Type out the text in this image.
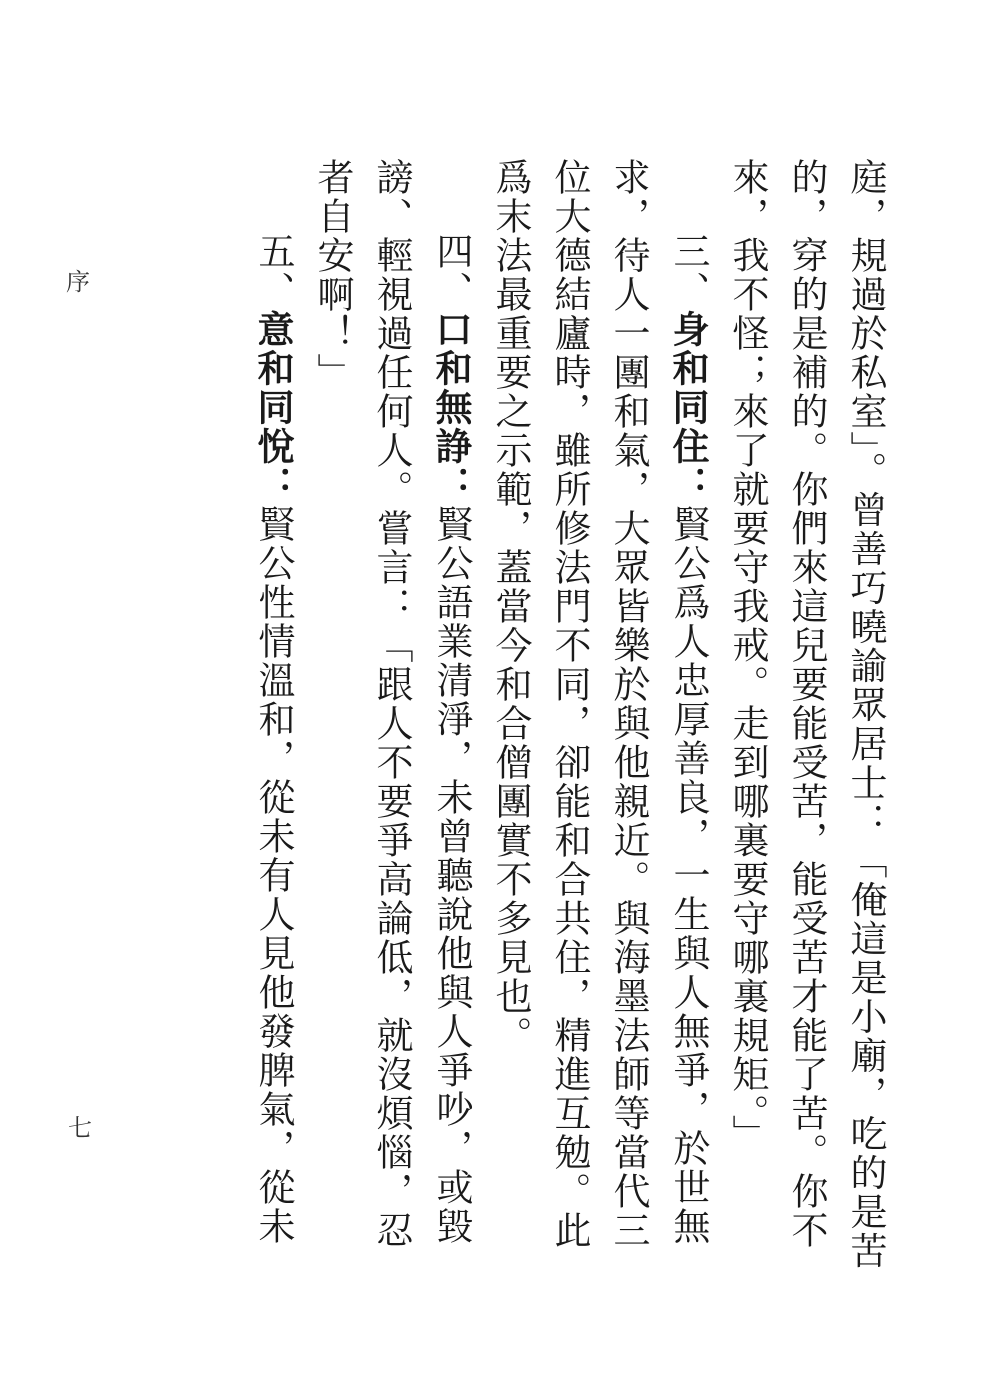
庭，規過於私室」。曾善巧曉諭眾居士：「俺這是小廟，吃的是苦的，穿的是補的。你們來這兒要能受苦，能受苦才能了苦。你不來，我不怪；來了就要守我戒。走到哪裏要守哪裏規矩。」

三、身和同住：賢公爲人忠厚善良，一生與人無爭，於世無求，待人一團和氣，大眾皆樂於與他親近。與海墨法師等當代三位大德結廬時，雖所修法門不同，卻能和合共住，精進互勉。此爲末法最重要之示範，蓋當今和合僧團實不多見也。

四、口和無諍：賢公語業清淨，未曾聽說他與人爭吵，或毀謗、輕視過任何人。嘗言：「跟人不要爭高論低，就沒煩惱，忍者自安啊！」

五、意和同悅：賢公性情溫和，從未有人見他發脾氣，從未

序
七
